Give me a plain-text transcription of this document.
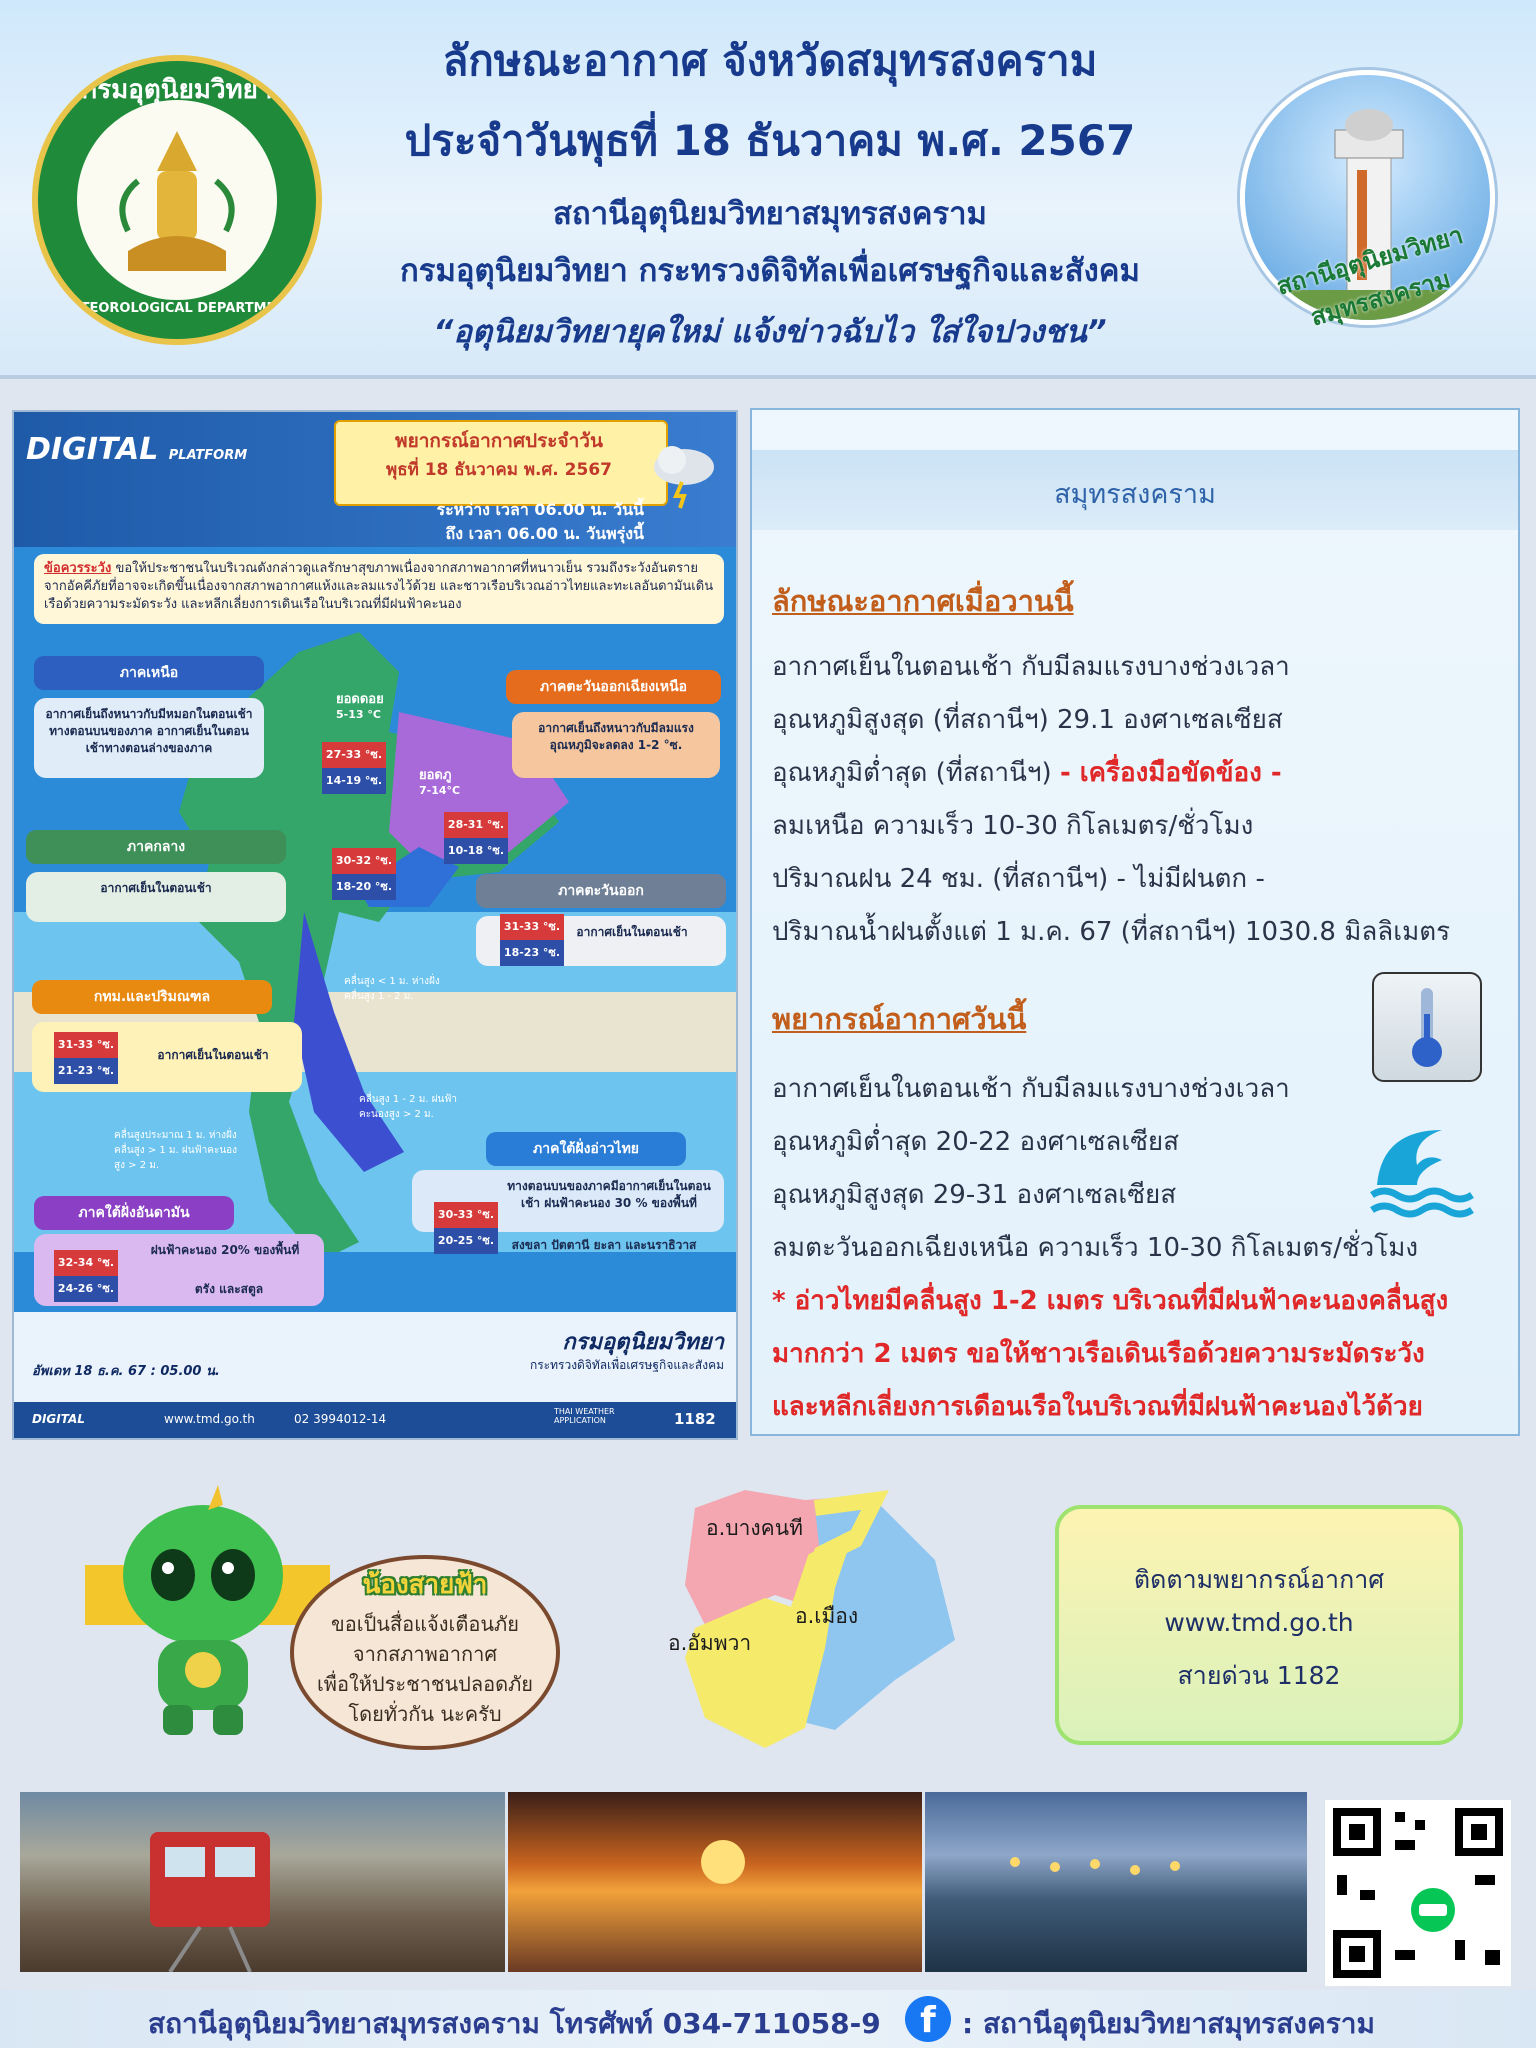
กรมอุตุนิยมวิทยา
METEOROLOGICAL DEPARTMENT
ลักษณะอากาศ จังหวัดสมุทรสงคราม
ประจำวันพุธที่ 18 ธันวาคม พ.ศ. 2567
สถานีอุตุนิยมวิทยาสมุทรสงคราม
กรมอุตุนิยมวิทยา กระทรวงดิจิทัลเพื่อเศรษฐกิจและสังคม
“อุตุนิยมวิทยายุคใหม่ แจ้งข่าวฉับไว ใส่ใจปวงชน”
สถานีอุตุนิยมวิทยาสมุทรสงคราม
DIGITAL PLATFORM
พยากรณ์อากาศประจำวัน
พุธที่ 18 ธันวาคม พ.ศ. 2567
ระหว่าง เวลา 06.00 น. วันนี้
ถึง เวลา 06.00 น. วันพรุ่งนี้
ข้อควรระวัง ขอให้ประชาชนในบริเวณดังกล่าวดูแลรักษาสุขภาพเนื่องจากสภาพอากาศที่หนาวเย็น รวมถึงระวังอันตรายจากอัคคีภัยที่อาจจะเกิดขึ้นเนื่องจากสภาพอากาศแห้งและลมแรงไว้ด้วย และชาวเรือบริเวณอ่าวไทยและทะเลอันดามันเดินเรือด้วยความระมัดระวัง และหลีกเลี่ยงการเดินเรือในบริเวณที่มีฝนฟ้าคะนอง
ภาคเหนือ
อากาศเย็นถึงหนาวกับมีหมอกในตอนเช้าทางตอนบนของภาค อากาศเย็นในตอนเช้าทางตอนล่างของภาค	27-33 °ซ.
14-19 °ซ.
ยอดดอย
5-13 °C
ภาคตะวันออกเฉียงเหนือ
อากาศเย็นถึงหนาวกับมีลมแรง อุณหภูมิจะลดลง 1-2 °ซ.
28-31 °ซ.
10-18 °ซ.
ยอดภู
7-14°C
ภาคกลาง
อากาศเย็นในตอนเช้า
30-32 °ซ.
18-20 °ซ.	ภาคตะวันออก
อากาศเย็นในตอนเช้า
31-33 °ซ.
18-23 °ซ.
กทม.และปริมณฑล
อากาศเย็นในตอนเช้า
31-33 °ซ.
21-23 °ซ.
คลื่นสูง < 1 ม. ห่างฝั่งคลื่นสูง 1 - 2 ม.
คลื่นสูง 1 - 2 ม. ฝนฟ้าคะนองสูง > 2 ม.
คลื่นสูงประมาณ 1 ม. ห่างฝั่งคลื่นสูง > 1 ม. ฝนฟ้าคะนองสูง > 2 ม.
ภาคใต้ฝั่งอ่าวไทย
ทางตอนบนของภาคมีอากาศเย็นในตอนเช้า ฝนฟ้าคะนอง 30 % ของพื้นที่
สงขลา ปัตตานี ยะลา และนราธิวาส
30-33 °ซ.
20-25 °ซ.
ภาคใต้ฝั่งอันดามัน
ฝนฟ้าคะนอง 20% ของพื้นที่
ตรัง และสตูล
32-34 °ซ.
24-26 °ซ.
กรมอุตุนิยมวิทยา
กระทรวงดิจิทัลเพื่อเศรษฐกิจและสังคม
อัพเดท 18 ธ.ค. 67 : 05.00 น.
DIGITAL	www.tmd.go.th	02 3994012-14
THAI WEATHER APPLICATION	1182
สมุทรสงคราม
ลักษณะอากาศเมื่อวานนี้
อากาศเย็นในตอนเช้า กับมีลมแรงบางช่วงเวลา
อุณหภูมิสูงสุด (ที่สถานีฯ) 29.1 องศาเซลเซียส
อุณหภูมิต่ำสุด (ที่สถานีฯ) - เครื่องมือขัดข้อง -
ลมเหนือ ความเร็ว 10-30 กิโลเมตร/ชั่วโมง
ปริมาณฝน 24 ชม. (ที่สถานีฯ) - ไม่มีฝนตก -
ปริมาณน้ำฝนตั้งแต่ 1 ม.ค. 67 (ที่สถานีฯ) 1030.8 มิลลิเมตร
พยากรณ์อากาศวันนี้
อากาศเย็นในตอนเช้า กับมีลมแรงบางช่วงเวลา
อุณหภูมิต่ำสุด 20-22 องศาเซลเซียส
อุณหภูมิสูงสุด 29-31 องศาเซลเซียส
ลมตะวันออกเฉียงเหนือ ความเร็ว 10-30 กิโลเมตร/ชั่วโมง
* อ่าวไทยมีคลื่นสูง 1-2 เมตร บริเวณที่มีฝนฟ้าคะนองคลื่นสูง
มากกว่า 2 เมตร ขอให้ชาวเรือเดินเรือด้วยความระมัดระวัง
และหลีกเลี่ยงการเดือนเรือในบริเวณที่มีฝนฟ้าคะนองไว้ด้วย
น้องสายฟ้า
ขอเป็นสื่อแจ้งเตือนภัย
จากสภาพอากาศ
เพื่อให้ประชาชนปลอดภัย
โดยทั่วกัน นะครับ
อ.บางคนที
อ.เมือง
อ.อัมพวา
ติดตามพยากรณ์อากาศ
www.tmd.go.th
สายด่วน 1182
สถานีอุตุนิยมวิทยาสมุทรสงคราม โทรศัพท์ 034-711058-9	f : สถานีอุตุนิยมวิทยาสมุทรสงคราม
